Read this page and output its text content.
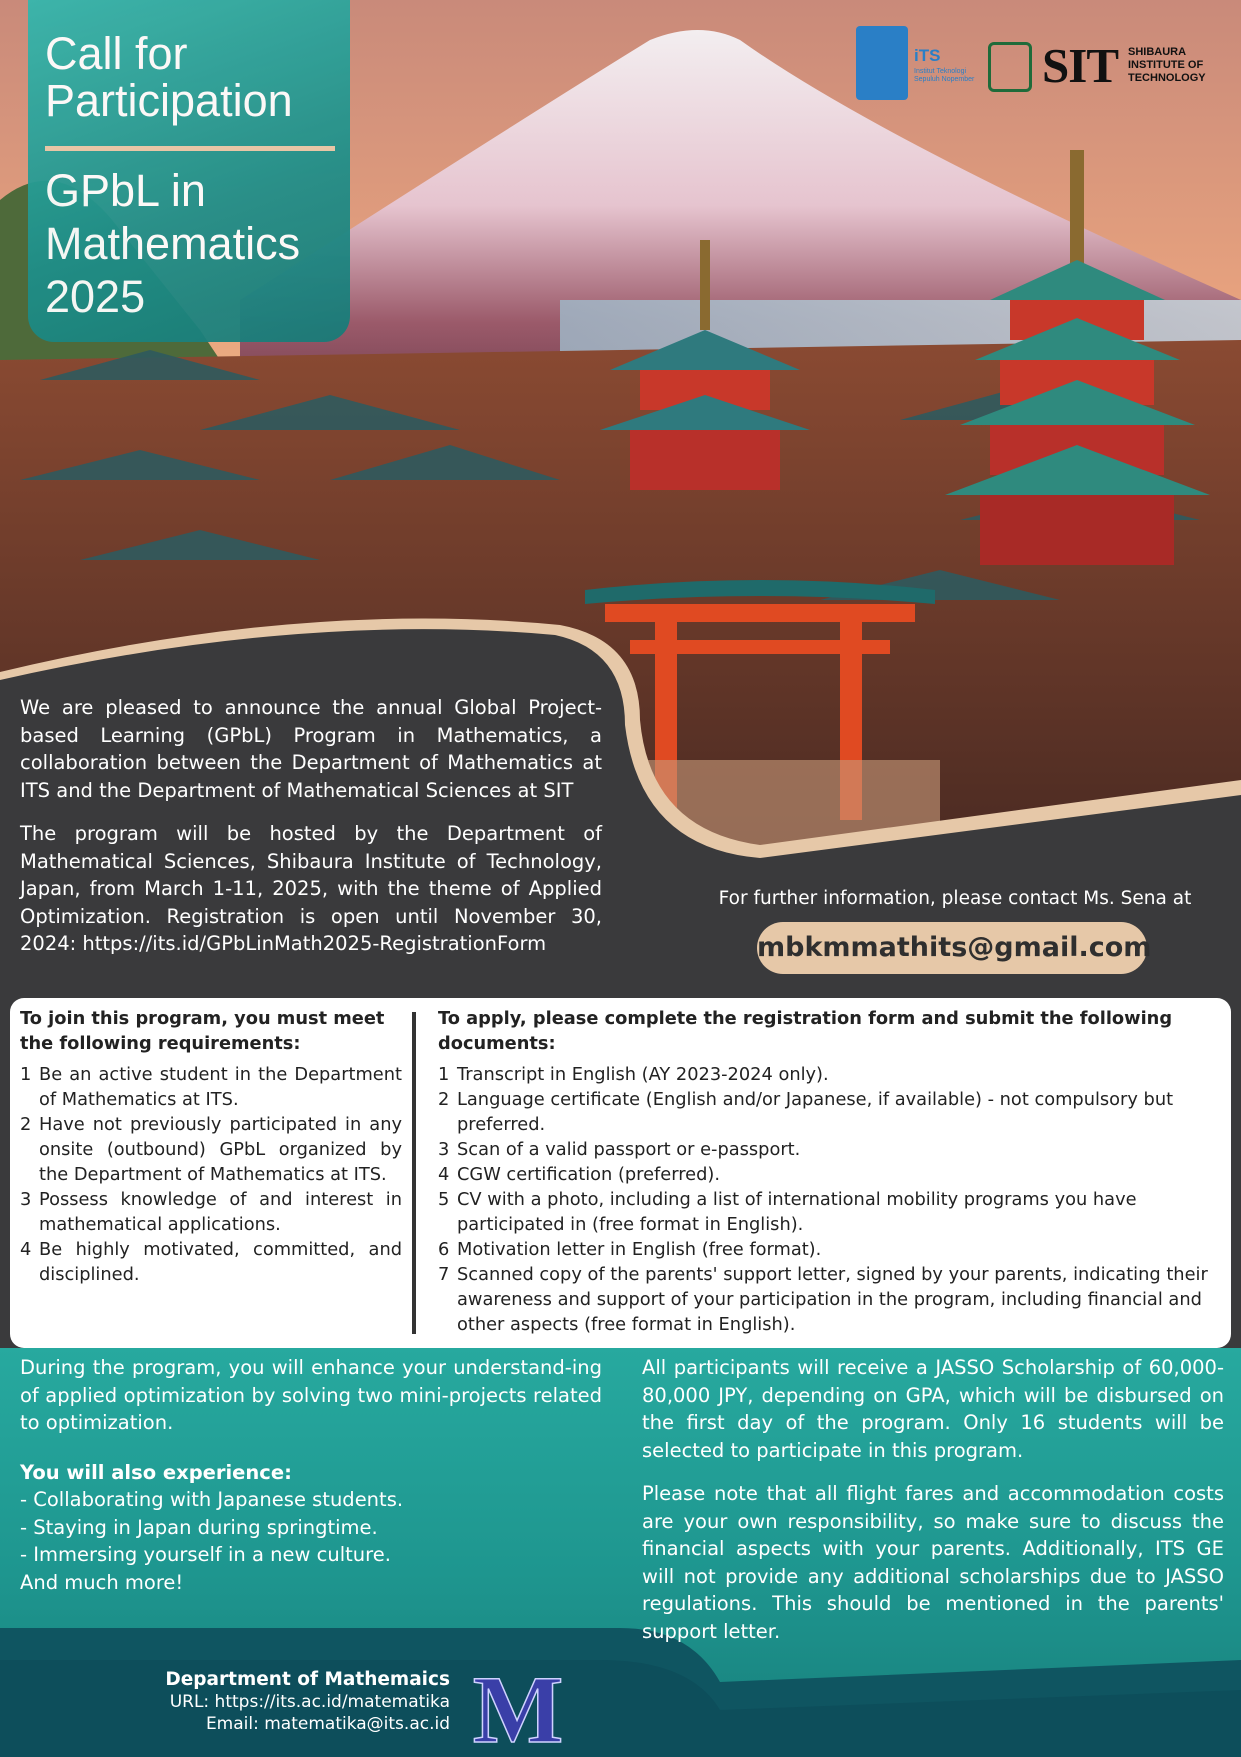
Call for
Participation
GPbL in
Mathematics
2025
iTS
Institut Teknologi Sepuluh Nopember SIT SHIBAURA INSTITUTE OF TECHNOLOGY

We are pleased to announce the annual Global Project-based Learning (GPbL) Program in Mathematics, a collaboration between the Department of Mathematics at ITS and the Department of Mathematical Sciences at SIT

The program will be hosted by the Department of Mathematical Sciences, Shibaura Institute of Technology, Japan, from March 1-11, 2025, with the theme of Applied Optimization. Registration is open until November 30, 2024: https://its.id/GPbLinMath2025-RegistrationForm

For further information, please contact Ms. Sena at
mbkmmathits@gmail.com
To join this program, you must meet the following requirements:
1 Be an active student in the Department of Mathematics at ITS.
2 Have not previously participated in any onsite (outbound) GPbL organized by the Department of Mathematics at ITS.
3 Possess knowledge of and interest in mathematical applications.
4 Be highly motivated, committed, and disciplined.
To apply, please complete the registration form and submit the following documents:
1 Transcript in English (AY 2023-2024 only).
2 Language certificate (English and/or Japanese, if available) - not compulsory but preferred.
3 Scan of a valid passport or e-passport.
4 CGW certification (preferred).
5 CV with a photo, including a list of international mobility programs you have participated in (free format in English).
6 Motivation letter in English (free format).
7 Scanned copy of the parents' support letter, signed by your parents, indicating their awareness and support of your participation in the program, including financial and other aspects (free format in English).

During the program, you will enhance your understand-ing of applied optimization by solving two mini-projects related to optimization.

You will also experience:

- Collaborating with Japanese students.

- Staying in Japan during springtime.

- Immersing yourself in a new culture.

And much more!

All participants will receive a JASSO Scholarship of 60,000-80,000 JPY, depending on GPA, which will be disbursed on the first day of the program. Only 16 students will be selected to participate in this program.

Please note that all flight fares and accommodation costs are your own responsibility, so make sure to discuss the financial aspects with your parents. Additionally, ITS GE will not provide any additional scholarships due to JASSO regulations. This should be mentioned in the parents' support letter.

Department of Mathemaics
URL: https://its.ac.id/matematika
Email: matematika@its.ac.id M
